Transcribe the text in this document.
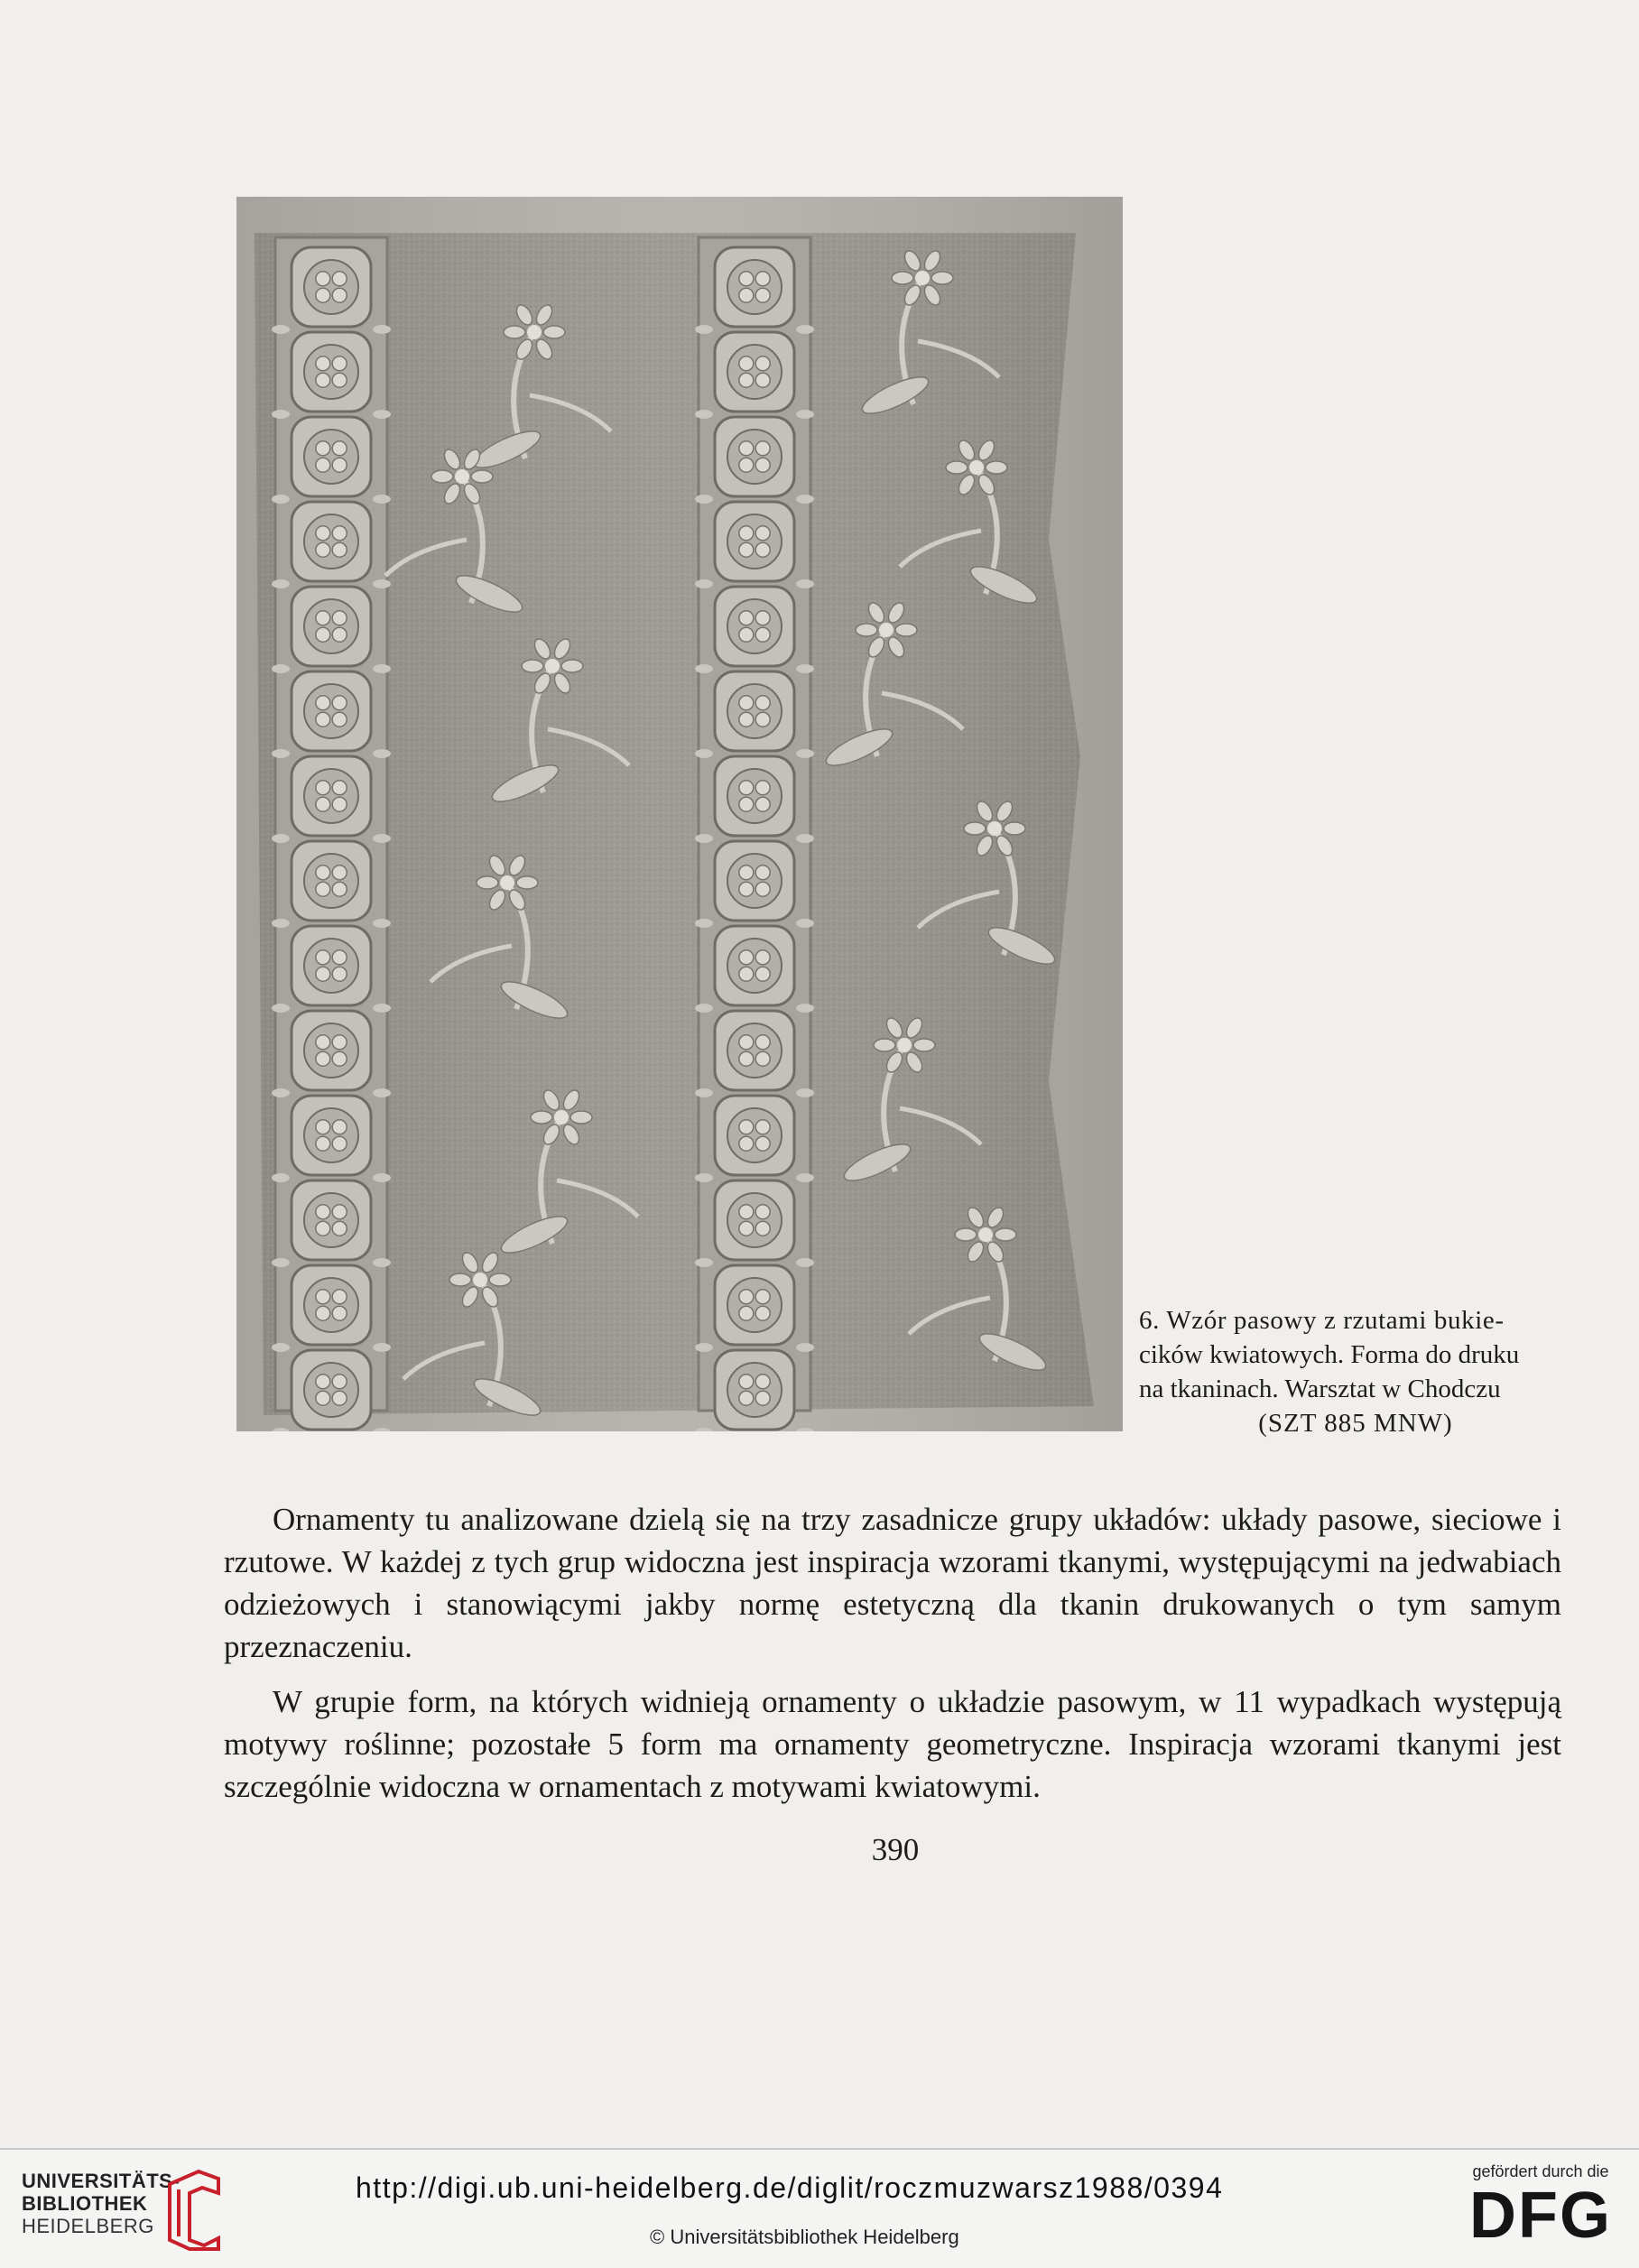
6. Wzór pasowy z rzutami bukie-
cików kwiatowych. Forma do druku
na tkaninach. Warsztat w Chodczu
(SZT 885 MNW)

Ornamenty tu analizowane dzielą się na trzy zasadnicze grupy układów: układy pasowe, sieciowe i rzutowe. W każdej z tych grup widoczna jest inspiracja wzorami tkanymi, występującymi na jedwabiach odzieżowych i stanowiącymi jakby normę estetyczną dla tkanin drukowanych o tym samym przeznaczeniu.

W grupie form, na których widnieją ornamenty o układzie pasowym, w 11 wypadkach występują motywy roślinne; pozostałe 5 form ma ornamenty geometryczne. Inspiracja wzorami tkanymi jest szczególnie widoczna w ornamentach z motywami kwiatowymi.

390
UNIVERSITÄTS-
BIBLIOTHEK
HEIDELBERG
http://digi.ub.uni-heidelberg.de/diglit/roczmuzwarsz1988/0394
© Universitätsbibliothek Heidelberg
gefördert durch die
DFG
